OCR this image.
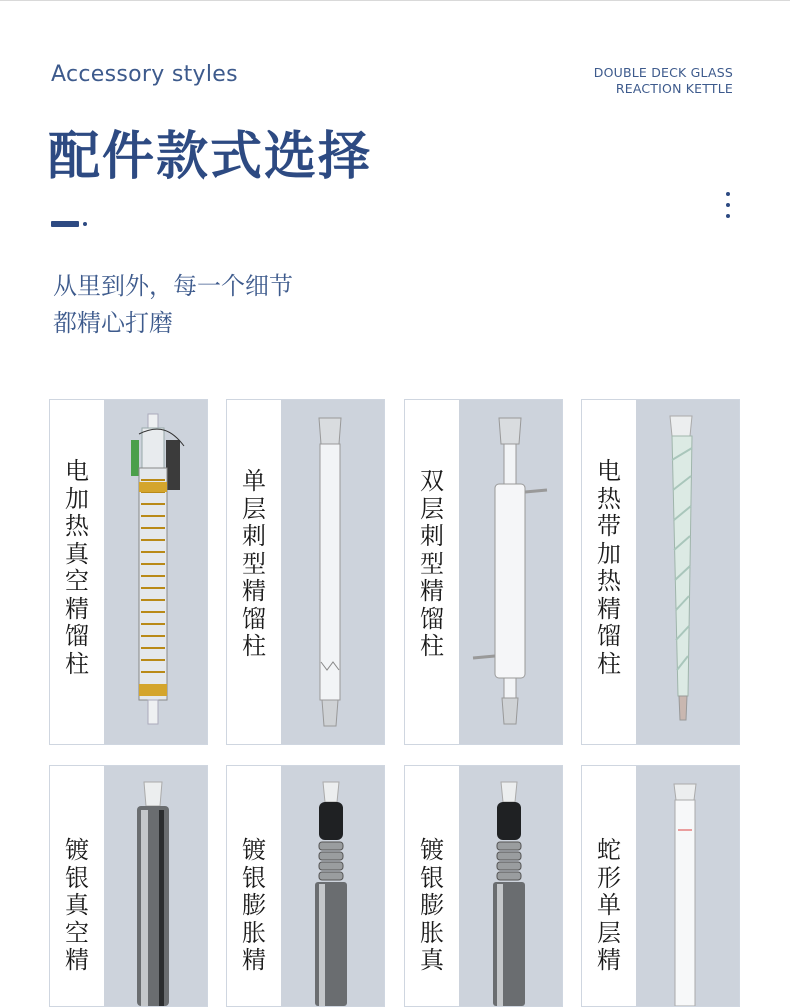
Accessory styles	DOUBLE DECK GLASS
REACTION KETTLE
配件款式选择
从里到外，每一个细节
都精心打磨
电加热真空精馏柱
单层刺型精馏柱
双层刺型精馏柱
电热带加热精馏柱
镀银真空精
镀银膨胀精
镀银膨胀真
蛇形单层精
